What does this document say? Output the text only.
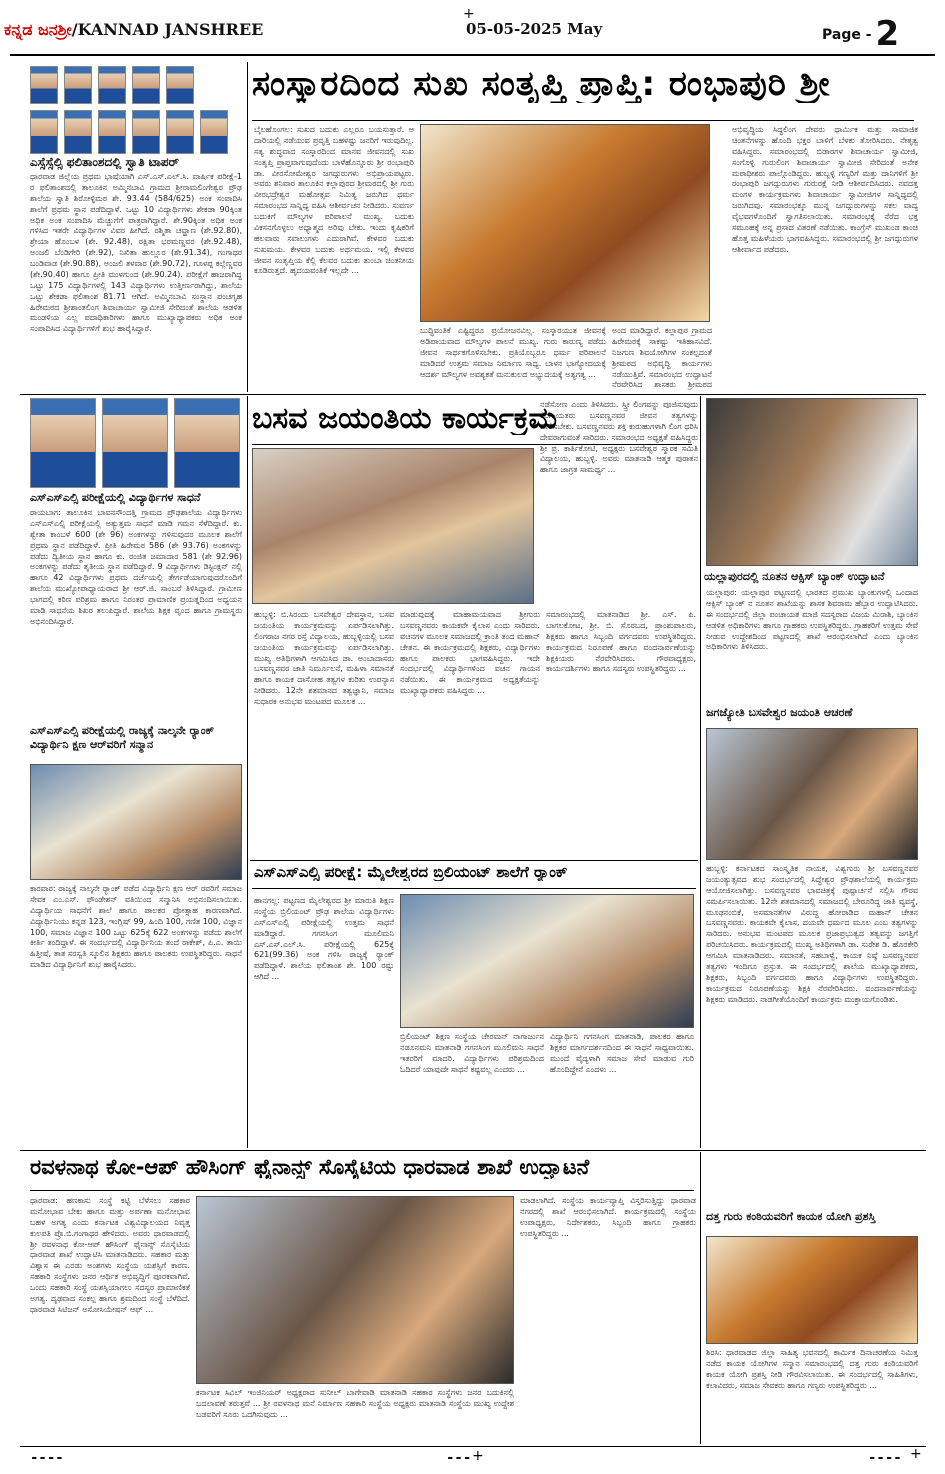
+
ಕನ್ನಡ ಜನಶ್ರೀ/KANNAD JANSHREE	05-05-2025 May	Page - 2
ಎಸ್ಸೆಸ್ಸೆಲ್ಸಿ ಫಲಿತಾಂಶದಲ್ಲಿ ಸ್ವಾತಿ ಟಾಪರ್
ಧಾರವಾಡ ಜಿಲ್ಲೆಯ ಪ್ರಥಮ ಭಾಷೆಯಾಗಿ ಎಸ್.ಎಸ್.ಎಲ್.ಸಿ. ವಾರ್ಷಿಕ ಪರೀಕ್ಷೆ-1 ರ ಫಲಿತಾಂಶದಲ್ಲಿ ತಾಲೂಕಿನ ಅಮ್ಮಿನಬಾವಿ ಗ್ರಾಮದ ಶ್ರೀರಾಮಲಿಂಗೇಶ್ವರ ಪ್ರೌಢ ಶಾಲೆಯ ಸ್ವಾತಿ ಶಿರೋಳ್ಳಿಮಠ ಶೇ. 93.44 (584/625) ಅಂಕ ಸಂಪಾದಿಸಿ ಶಾಲೆಗೆ ಪ್ರಥಮ ಸ್ಥಾನ ಪಡೆದಿದ್ದಾಳೆ. ಒಟ್ಟು 10 ವಿದ್ಯಾರ್ಥಿಗಳು ಶೇಕಡಾ 90ಕ್ಕಿಂತ ಅಧಿಕ ಅಂಕ ಸಂಪಾದಿಸಿ ಮೆಚ್ಚುಗೆಗೆ ಪಾತ್ರರಾಗಿದ್ದಾರೆ. ಶೇ.90ಕ್ಕಿಂತ ಅಧಿಕ ಅಂಕ ಗಳಿಸಿದ ಇತರೇ ವಿದ್ಯಾರ್ಥಿಗಳ ವಿವರ ಹೀಗಿದೆ. ರಶ್ಮಿತಾ ಚವ್ಹಾಣ (ಶೇ.92.80), ಶ್ರೇಯಾ ಹೊಂಬಳ (ಶೇ. 92.48), ರಕ್ಷಿತಾ ಭರಮಣ್ಣವರ (ಶೇ.92.48), ಅಂಜಲಿ ಬೆಂಡಿಗೇರಿ (ಶೇ.92), ನಿಖಿತಾ ಹುಲ್ಲೂರ (ಶೇ.91.34), ಗಂಗಾಧರ ಬಂಡಿವಾಡ (ಶೇ.90.88), ಅಂಜಲಿ ತಳವಾರ (ಶೇ.90.72), ಗೂಳಪ್ಪ ಕಲ್ಲೆಣ್ಣವರ (ಶೇ.90.40) ಹಾಗೂ ಪ್ರೀತಿ ಮುಳಗುಂದ (ಶೇ.90.24). ಪರೀಕ್ಷೆಗೆ ಹಾಜರಾಗಿದ್ದ ಒಟ್ಟು 175 ವಿದ್ಯಾರ್ಥಿಗಳಲ್ಲಿ 143 ವಿದ್ಯಾರ್ಥಿಗಳು ಉತ್ತೀರ್ಣರಾಗಿದ್ದು, ಶಾಲೆಯ ಒಟ್ಟು ಶೇಕಡಾ ಫಲಿತಾಂಶ 81.71 ಆಗಿದೆ. ಅಮ್ಮಿನಬಾವಿ ಸಂಸ್ಥಾನ ಪಂಚಗೃಹ ಹಿರೇಮಠದ ಶ್ರೀಶಾಂತಲಿಂಗ ಶಿವಾಚಾರ್ಯ ಸ್ವಾಮೀಜಿ ಸೇರಿದಂತೆ ಶಾಲೆಯ ಆಡಳಿತ ಮಂಡಳಿಯ ಎಲ್ಲ ಪದಾಧಿಕಾರಿಗಳು ಹಾಗೂ ಮುಖ್ಯಾಧ್ಯಾಪಕರು ಅಧಿಕ ಅಂಕ ಸಂಪಾದಿಸಿದ ವಿದ್ಯಾರ್ಥಿಗಳಿಗೆ ಶುಭ ಹಾರೈಸಿದ್ದಾರೆ.
ಸಂಸ್ಕಾರದಿಂದ ಸುಖ ಸಂತೃಪ್ತಿ ಪ್ರಾಪ್ತಿ: ರಂಭಾಪುರಿ ಶ್ರೀ
ಬೈಲಹೊಂಗಲ: ಸುಖದ ಬದುಕು ಎಲ್ಲರೂ ಬಯಸುತ್ತಾರೆ. ಆ ದಾರಿಯಲ್ಲಿ ನಡೆಯುವ ಪ್ರವೃತ್ತಿ ಬಹಳಷ್ಟು ಜನರಿಗೆ ಇರುವುದಿಲ್ಲ. ಸತ್ಯ ಶುದ್ಧವಾದ ಸಂಸ್ಕಾರದಿಂದ ಮಾನವ ಜೀವನದಲ್ಲಿ ಸುಖ ಸಂತೃಪ್ತಿ ಪ್ರಾಪ್ತವಾಗುವುದೆಂದು ಬಾಳೆಹೊನ್ನೂರು ಶ್ರೀ ರಂಭಾಪುರಿ ಡಾ. ವೀರಸೋಮೇಶ್ವರ ಜಗದ್ಗುರುಗಳು ಅಭಿಪ್ರಾಯಪಟ್ಟರು. ಅವರು ಶನಿವಾರ ತಾಲೂಕಿನ ಕಲ್ಲಾಪುರದ ಶ್ರೀಮಠದಲ್ಲಿ ಶ್ರೀ ಗುರು ವೀರಭದ್ರೇಶ್ವರ ಮಹೋತ್ಸವ ನಿಮಿತ್ಯ ಜರುಗಿದ ಧರ್ಮ ಸಮಾರಂಭದ ಸಾನ್ನಿಧ್ಯ ವಹಿಸಿ ಆಶೀರ್ವಚನ ನೀಡಿದರು. ಸುವರ್ಣ ಬದುಕಿಗೆ ಮೌಲ್ಯಗಳ ಪರಿಪಾಲನೆ ಮುಖ್ಯ. ಬದುಕು ವಿಕಸನಗೊಳ್ಳಲು ಅಧ್ಯಾತ್ಮದ ಅರಿವು ಬೇಕು. ಇಂದು ಕೃಷಿಕರಿಗೆ ಹಲವಾರು ಸವಾಲುಗಳು ಎದುರಾಗಿವೆ. ಕೇಳವರ ಬದುಕು ಸುಖಮಯ. ಕೇಳವರ ಬದುಕು ಅರ್ಥಮಯ. ಇಲ್ಲಿ ಕೇಳವರ ಜೀವನ ಸಂತೃಪ್ತಿಯ ಕೆಲ್ಲಿ ಕೆಲವರ ಬದುಕು ತುಂಬಾ ಚಿಂತನೀಯ ಕೂಡಿರುತ್ತದೆ. ಹೃದಯವಂತಿಕೆ ಇಲ್ಲದೇ ...
ಬುದ್ಧಿವಂತಿಕೆ ಎಷ್ಟಿದ್ದರೂ ಪ್ರಯೋಜನವಿಲ್ಲ. ಸಂಸ್ಕಾರಯುತ ಜೀವನಕ್ಕೆ ಅಡಿಪಾಯವಾದ ಮೌಲ್ಯಗಳ ಪಾಲನೆ ಮುಖ್ಯ. ಗುರು ಕಾರುಣ್ಯ ಪಡೆದು ಜೀವನ ಸಾರ್ಥಕಗೊಳಿಸಬೇಕು. ಪ್ರತಿಯೊಬ್ಬರೂ ಧರ್ಮ ಪರಿಪಾಲನೆ ಮಾಡಿದರೆ ಉತ್ತಮ ಸಮಾಜ ನಿರ್ಮಾಣ ಸಾಧ್ಯ. ಬಾಳನ ಭಾಗ್ಯೋದಯಕ್ಕೆ ಆದರ್ಶ ಮೌಲ್ಯಗಳ ಅವಶ್ಯಕತೆ ಮನುಕುಲದ ಅಭ್ಯುದಯಕ್ಕೆ ಅತ್ಯಗತ್ಯ ...
ಅಂದ ಮಾಡಿದ್ದಾರೆ. ಕಲ್ಲಾಪುರ ಗ್ರಾಮದ ಹಿರೇಮಠಕ್ಕೆ ಸಾಕಷ್ಟು ಇತಿಹಾಸವಿದೆ. ನಿಜಗುಣ ಶಿವಯೋಗಿಗಳ ಸಂಕಲ್ಪದಂತೆ ಶ್ರೀಮಠದ ಅಭಿವೃದ್ಧಿ ಕಾರ್ಯಗಳು ನಡೆಯುತ್ತಿವೆ. ಸಮಾರಂಭದ ಉದ್ಘಾಟನೆ ನೆರವೇರಿಸಿದ ಶಾಸಕರು ಶ್ರೀಮಠದ
ಅಭಿವೃದ್ಧಿಯ ಸಿದ್ಧಲಿಂಗ ದೇವರು ಧಾರ್ಮಿಕ ಮತ್ತು ಸಾಮಾಜಿಕ ಚಿಂತನೆಗಳನ್ನು ಹೊಂದಿ ಭಕ್ತರ ಬಾಳಿಗೆ ಬೆಳಕು ತೋರಿಸಿದರು. ನೇತೃತ್ವ ವಹಿಸಿದ್ದರು. ಸಮಾರಂಭದಲ್ಲಿ ಬಿಡಾರಗಳ ಶಿವಾಚಾರ್ಯ ಸ್ವಾಮೀಜಿ, ಸಂಗೊಳ್ಳಿ ಗುರುಲಿಂಗ ಶಿವಾಚಾರ್ಯ ಸ್ವಾಮೀಜಿ ಸೇರಿದಂತೆ ಅನೇಕ ಮಠಾಧೀಶರು ಪಾಲ್ಗೊಂಡಿದ್ದರು. ಹುಬ್ಬಳ್ಳಿ ಗಣ್ಯರಿಗೆ ಮತ್ತು ದಾನಿಗಳಿಗೆ ಶ್ರೀ ರಂಭಾಪುರಿ ಜಗದ್ಗುರುಗಳು ಗುರುರಕ್ಷೆ ನೀಡಿ ಆಶೀರ್ವದಿಸಿದರು. ನವದತ್ತ ಮಂಗಳ ಕಾರ್ಯಕ್ರಮಗಳು ಶಿವಾಚಾರ್ಯ ಸ್ವಾಮೀಜಿಗಳ ಸಾನ್ನಿಧ್ಯದಲ್ಲಿ ಜರುಗಿದವು. ಸಮಾರಂಭಕ್ಕೂ ಮುನ್ನ ಜಗದ್ಗುರುಗಳನ್ನು ಸಕಲ ವಾದ್ಯ ವೈಭವಗಳೊಂದಿಗೆ ಸ್ವಾಗತಿಸಲಾಯಿತು. ಸಮಾರಂಭಕ್ಕೆ ನೆರೆದ ಭಕ್ತ ಸಮೂಹಕ್ಕೆ ಅನ್ನ ಪ್ರಸಾದ ವಿತರಣೆ ನಡೆಯಿತು. ಕಾಂಗ್ರೆಸ್ ಮುಖಂಡ ಕಾಂಚಿ ಹೊತ್ತ ಮಹಿಳೆಯರು ಭಾಗವಹಿಸಿದ್ದರು. ಸಮಾರಂಭದಲ್ಲಿ ಶ್ರೀ ಜಗದ್ಗುರುಗಳ ಆಶೀರ್ವಾದ ಪಡೆದರು.
ಎಸ್ಎಸ್ಎಲ್ಸಿ ಪರೀಕ್ಷೆಯಲ್ಲಿ ವಿದ್ಯಾರ್ಥಿಗಳ ಸಾಧನೆ
ರಾಯಬಾಗ: ತಾಲೂಕಿನ ಬಾವನಸೌಂದತ್ತಿ ಗ್ರಾಮದ ಪ್ರೌಢಶಾಲೆಯ ವಿದ್ಯಾರ್ಥಿಗಳು ಎಸ್ಎಸ್ಎಲ್ಸಿ ಪರೀಕ್ಷೆಯಲ್ಲಿ ಅತ್ಯುತ್ತಮ ಸಾಧನೆ ಮಾಡಿ ಗಮನ ಸೆಳೆದಿದ್ದಾರೆ. ಕು. ಶ್ವೇತಾ ಕಾಂಬಳೆ 600 (ಶೇ 96) ಅಂಕಗಳನ್ನು ಗಳಿಸುವುದರ ಮೂಲಕ ಶಾಲೆಗೆ ಪ್ರಥಮ ಸ್ಥಾನ ಪಡೆದಿದ್ದಾಳೆ. ಪ್ರೀತಿ ಹಿರೇಮಠ 586 (ಶೇ 93.76) ಅಂಕಗಳನ್ನು ಪಡೆದು ದ್ವಿತೀಯ ಸ್ಥಾನ ಹಾಗೂ ಕು. ರಂಜಿತ ಜಮಾದಾರ 581 (ಶೇ 92.96) ಅಂಕಗಳನ್ನು ಪಡೆದು ತೃತೀಯ ಸ್ಥಾನ ಪಡೆದಿದ್ದಾರೆ. 9 ವಿದ್ಯಾರ್ಥಿಗಳು ಡಿಸ್ಟಿಂಕ್ಷನ್ ನಲ್ಲಿ ಹಾಗೂ 42 ವಿದ್ಯಾರ್ಥಿಗಳು ಪ್ರಥಮ ದರ್ಜೆಯಲ್ಲಿ ತೇರ್ಗಡೆಯಾಗುವುದರೊಂದಿಗೆ ಶಾಲೆಯ ಮುಖ್ಯೋಪಾಧ್ಯಾಯರಾದ ಶ್ರೀ ಆರ್.ಜಿ. ಸಾಂಬರೆ ತಿಳಿಸಿದ್ದಾರೆ. ಗ್ರಾಮೀಣ ಭಾಗದಲ್ಲಿ ಕಠಿಣ ಪರಿಶ್ರಮ ಹಾಗೂ ನಿರಂತರ ಪ್ರಾಮಾಣಿಕ ಪ್ರಯತ್ನದಿಂದ ಅಧ್ಯಯನ ಮಾಡಿ ಸಾಧನೆಯ ಶಿಖರ ತಲುಪಿದ್ದಾರೆ. ಶಾಲೆಯ ಶಿಕ್ಷಕ ವೃಂದ ಹಾಗೂ ಗ್ರಾಮಸ್ಥರು ಅಭಿನಂದಿಸಿದ್ದಾರೆ.
ಎಸ್ಎಸ್ಎಲ್ಸಿ ಪರೀಕ್ಷೆಯಲ್ಲಿ ರಾಜ್ಯಕ್ಕೆ ನಾಲ್ಕನೇ ರ್‍ಯಾಂಕ್ ವಿದ್ಯಾರ್ಥಿನಿ ಕ್ಷಣ ಆರ್‌ವರಿಗೆ ಸನ್ಮಾನ
ಕಾರವಾರ: ರಾಜ್ಯಕ್ಕೆ ನಾಲ್ಕನೇ ರ್‍ಯಾಂಕ್ ಪಡೆದ ವಿದ್ಯಾರ್ಥಿನಿ ಕ್ಷಣ ಆರ್ ರವರಿಗೆ ಸಮಾಜ ಸೇವಕ ಎಂ.ಎಸ್. ಫೌಂಡೇಶನ್ ವತಿಯಿಂದ ಸನ್ಮಾನಿಸಿ ಅಭಿನಂದಿಸಲಾಯಿತು. ವಿದ್ಯಾರ್ಥಿಯ ಸಾಧನೆಗೆ ಶಾಲೆ ಹಾಗೂ ಪಾಲಕರ ಪ್ರೋತ್ಸಾಹ ಕಾರಣವಾಗಿದೆ. ವಿದ್ಯಾರ್ಥಿನಿಯು ಕನ್ನಡ 123, ಇಂಗ್ಲಿಷ್ 99, ಹಿಂದಿ 100, ಗಣಿತ 100, ವಿಜ್ಞಾನ 100, ಸಮಾಜ ವಿಜ್ಞಾನ 100 ಒಟ್ಟು 625ಕ್ಕೆ 622 ಅಂಕಗಳನ್ನು ಪಡೆದು ಶಾಲೆಗೆ ಕೀರ್ತಿ ತಂದಿದ್ದಾಳೆ. ಈ ಸಂದರ್ಭದಲ್ಲಿ ವಿದ್ಯಾರ್ಥಿನಿಯ ತಂದೆ ರಾಕೇಶ್, ಪಿ.ಎ. ತಾಯಿ ಹಿತ್ತೀಷೆ, ತಾತ ಸರಸ್ವತಿ ಸ್ಕೂಲಿನ ಶಿಕ್ಷಕರು ಹಾಗೂ ಪಾಲಕರು ಉಪಸ್ಥಿತರಿದ್ದರು. ಸಾಧನೆ ಮಾಡಿದ ವಿದ್ಯಾರ್ಥಿನಿಗೆ ಶುಭ ಹಾರೈಸಿದರು.
ಬಸವ ಜಯಂತಿಯ ಕಾರ್ಯಕ್ರಮ
ನಡೆಸೋಣ ಎಂದು ತಿಳಿಸಿದರು. ಸ್ತ್ರೀ ಲಿಂಗವನ್ನು ಪೂಜಿಸುವುದು ಲಿಂಗಾಯತರು ಬಸವಣ್ಣನವರ ಜೀವನ ತತ್ವಗಳನ್ನು ಪಾಲಿಸಬೇಕು. ಬಸವಣ್ಣನವರು ಶಕ್ತಿ ಕುರುಹುಗಳಾಗಿ ಲಿಂಗ ಧರಿಸಿ ದೇವರಾಗುವಂತೆ ಸಾರಿದರು. ಸಮಾರಂಭದ ಅಧ್ಯಕ್ಷತೆ ವಹಿಸಿದ್ದರು ಶ್ರೀ ಪ್ರ. ಕಾರ್ತಿಕೋಟಿ, ಅಧ್ಯಕ್ಷರು ಬಸವೇಶ್ವರ ಸ್ಮಾರಕ ಸಮಿತಿ ವಿದ್ಯಾಲಯ, ಹುಬ್ಬಳ್ಳಿ. ಅವರು ಮಾತನಾಡಿ ಆತ್ಮಕ ಪುರಾತನ ಹಾಗೂ ಜಾಗ್ರತ ಸಾಮರ್ಥ್ಯ ...
ಹುಬ್ಬಳ್ಳಿ: ಬಿ.ಸಿರಂದು ಬಸವೇಶ್ವರ ದೇವಸ್ಥಾನ, ಬಸವ ಜಯಂತಿಯ ಕಾರ್ಯಕ್ರಮವನ್ನು ಏರ್ಪಡಿಸಲಾಗಿತ್ತು. ಲಿಂಗರಾಜ ನಗರ ರಸ್ತೆ ವಿದ್ಯಾಲಯ, ಹುಬ್ಬಳ್ಳಿಯಲ್ಲಿ ಬಸವ ಜಯಂತಿಯ ಕಾರ್ಯಕ್ರಮವನ್ನು ಏರ್ಪಡಿಸಲಾಗಿತ್ತು. ಮುಖ್ಯ ಅತಿಥಿಗಳಾಗಿ ಆಗಮಿಸಿದ ಡಾ. ಅಂಬಾದಾಸರು ಬಸವಣ್ಣನವರ ಜಾತಿ ನಿರ್ಮೂಲನೆ, ಮಹಿಳಾ ಸಮಾನತೆ ಹಾಗೂ ಕಾಯಕ ದಾಸೋಹ ತತ್ವಗಳ ಕುರಿತು ಉಪನ್ಯಾಸ ನೀಡಿದರು. 12ನೇ ಶತಮಾನದ ತತ್ವಜ್ಞಾನಿ, ಸಮಾಜ ಸುಧಾರಕ ಅನುಭವ ಮಂಟಪದ ಮೂಲಕ ...
ಮಾಡುವುದಕ್ಕೆ ಮಾಹಾಮಯವಾದ ಶ್ರೀಗುರು ಬಸವಣ್ಣನವರು ಕಾಯಕವೇ ಕೈಲಾಸ ಎಂದು ಸಾರಿದರು. ವಚನಗಳ ಮೂಲಕ ಸಮಾಜದಲ್ಲಿ ಕ್ರಾಂತಿ ತಂದ ಮಹಾನ್ ಚೇತನ. ಈ ಕಾರ್ಯಕ್ರಮದಲ್ಲಿ ಶಿಕ್ಷಕರು, ವಿದ್ಯಾರ್ಥಿಗಳು ಹಾಗೂ ಪಾಲಕರು ಭಾಗವಹಿಸಿದ್ದರು. ಇದೇ ಸಂದರ್ಭದಲ್ಲಿ ವಿದ್ಯಾರ್ಥಿಗಳಿಂದ ವಚನ ಗಾಯನ ನಡೆಯಿತು. ಈ ಕಾರ್ಯಕ್ರಮದ ಅಧ್ಯಕ್ಷತೆಯನ್ನು ಮುಖ್ಯಾಧ್ಯಾಪಕರು ವಹಿಸಿದ್ದರು ...
ಸಮಾರಂಭದಲ್ಲಿ ಮಾತನಾಡಿದ ಶ್ರೀ. ಎಸ್. ಪಿ. ಬಾಗಲಕೋಟ, ಶ್ರೀ. ಬಿ. ಸೊರಬದ, ಪ್ರಾಂಶುಪಾಲರು, ಶಿಕ್ಷಕರು ಹಾಗೂ ಸಿಬ್ಬಂದಿ ವರ್ಗದವರು ಉಪಸ್ಥಿತರಿದ್ದರು. ಕಾರ್ಯಕ್ರಮದ ನಿರೂಪಣೆ ಹಾಗೂ ವಂದನಾರ್ಪಣೆಯನ್ನು ಶಿಕ್ಷಕಿಯರು ನೆರವೇರಿಸಿದರು. ಗೌರವಾಧ್ಯಕ್ಷರು, ಕಾರ್ಯದರ್ಶಿಗಳು ಹಾಗೂ ಸದಸ್ಯರು ಉಪಸ್ಥಿತರಿದ್ದರು ...
ಯಲ್ಲಾಪುರದಲ್ಲಿ ನೂತನ ಆಕ್ಸಿಸ್ ಬ್ಯಾಂಕ್ ಉದ್ಘಾಟನೆ
ಯಲ್ಲಾಪುರ: ಯಲ್ಲಾಪುರ ಪಟ್ಟಣದಲ್ಲಿ ಭಾರತದ ಪ್ರಮುಖ ಬ್ಯಾಂಕುಗಳಲ್ಲಿ ಒಂದಾದ ಆಕ್ಸಿಸ್ ಬ್ಯಾಂಕ್ ನ ನೂತನ ಶಾಖೆಯನ್ನು ಶಾಸಕ ಶಿವರಾಮ ಹೆಬ್ಬಾರ ಉದ್ಘಾಟಿಸಿದರು. ಈ ಸಂದರ್ಭದಲ್ಲಿ ಜಿಲ್ಲಾ ಪಂಚಾಯತ ಮಾಜಿ ಸದಸ್ಯರಾದ ವಿಜಯ ಮಿರಾಶಿ, ಬ್ಯಾಂಕಿನ ಆಡಳಿತ ಅಧಿಕಾರಿಗಳು ಹಾಗೂ ಗ್ರಾಹಕರು ಉಪಸ್ಥಿತರಿದ್ದರು. ಗ್ರಾಹಕರಿಗೆ ಉತ್ತಮ ಸೇವೆ ನೀಡುವ ಉದ್ದೇಶದಿಂದ ಪಟ್ಟಣದಲ್ಲಿ ಶಾಖೆ ಆರಂಭಿಸಲಾಗಿದೆ ಎಂದು ಬ್ಯಾಂಕಿನ ಅಧಿಕಾರಿಗಳು ತಿಳಿಸಿದರು.
ಜಗಜ್ಯೋತಿ ಬಸವೇಶ್ವರ ಜಯಂತಿ ಆಚರಣೆ
ಹುಬ್ಬಳ್ಳಿ: ಕರ್ನಾಟಕದ ಸಾಂಸ್ಕೃತಿಕ ನಾಯಕ, ವಿಶ್ವಗುರು ಶ್ರೀ ಬಸವಣ್ಣನವರ ಜಯಂತ್ಯುತ್ಸವದ ಶುಭ ಸಂದರ್ಭದಲ್ಲಿ ಸಿದ್ಧೇಶ್ವರ ಪ್ರೌಢಶಾಲೆಯಲ್ಲಿ ಕಾರ್ಯಕ್ರಮ ಆಯೋಜಿಸಲಾಗಿತ್ತು. ಬಸವಣ್ಣನವರ ಭಾವಚಿತ್ರಕ್ಕೆ ಪುಷ್ಪಾರ್ಚನೆ ಸಲ್ಲಿಸಿ ಗೌರವ ಸಮರ್ಪಿಸಲಾಯಿತು. 12ನೇ ಶತಮಾನದಲ್ಲಿ ಸಮಾಜದಲ್ಲಿ ಬೇರೂರಿದ್ದ ಜಾತಿ ವ್ಯವಸ್ಥೆ, ಮೂಢನಂಬಿಕೆ, ಅಸಮಾನತೆಗಳ ವಿರುದ್ಧ ಹೋರಾಡಿದ ಮಹಾನ್ ಚೇತನ ಬಸವಣ್ಣನವರು. ಕಾಯಕವೇ ಕೈಲಾಸ, ದಯವೇ ಧರ್ಮದ ಮೂಲ ಎಂಬ ತತ್ವಗಳನ್ನು ಸಾರಿದರು. ಅನುಭವ ಮಂಟಪದ ಮೂಲಕ ಪ್ರಜಾಪ್ರಭುತ್ವದ ತತ್ವವನ್ನು ಜಗತ್ತಿಗೆ ಪರಿಚಯಿಸಿದರು. ಕಾರ್ಯಕ್ರಮದಲ್ಲಿ ಮುಖ್ಯ ಅತಿಥಿಗಳಾಗಿ ಡಾ. ಸುರೇಶ ಡಿ. ಹೊರಕೇರಿ ಆಗಮಿಸಿ ಮಾತನಾಡಿದರು. ಸಮಾನತೆ, ಸಹಬಾಳ್ವೆ, ಕಾಯಕ ನಿಷ್ಠೆ ಬಸವಣ್ಣನವರ ತತ್ವಗಳು ಇಂದಿಗೂ ಪ್ರಸ್ತುತ. ಈ ಸಂದರ್ಭದಲ್ಲಿ ಶಾಲೆಯ ಮುಖ್ಯಾಧ್ಯಾಪಕರು, ಶಿಕ್ಷಕರು, ಸಿಬ್ಬಂದಿ ವರ್ಗದವರು ಹಾಗೂ ವಿದ್ಯಾರ್ಥಿಗಳು ಉಪಸ್ಥಿತರಿದ್ದರು. ಕಾರ್ಯಕ್ರಮದ ನಿರೂಪಣೆಯನ್ನು ಶಿಕ್ಷಕಿ ನೆರವೇರಿಸಿದರು. ವಂದನಾರ್ಪಣೆಯನ್ನು ಶಿಕ್ಷಕರು ಮಾಡಿದರು. ನಾಡಗೀತೆಯೊಂದಿಗೆ ಕಾರ್ಯಕ್ರಮ ಮುಕ್ತಾಯಗೊಂಡಿತು.
ಎಸ್ಎಸ್ಎಲ್ಸಿ ಪರೀಕ್ಷೆ: ಮೈಲೇಶ್ವರದ ಬ್ರಿಲಿಯಂಟ್ ಶಾಲೆಗೆ ರ್‍ಯಾಂಕ್
ಹಾನಗಲ್ಲ: ಪಟ್ಟಣದ ಮೈಲೇಶ್ವರದ ಶ್ರೀ ಮಾರುತಿ ಶಿಕ್ಷಣ ಸಂಸ್ಥೆಯ ಬ್ರಿಲಿಯಂಟ್ ಪ್ರೌಢ ಶಾಲೆಯ ವಿದ್ಯಾರ್ಥಿಗಳು ಎಸ್ಎಸ್ಎಲ್ಸಿ ಪರೀಕ್ಷೆಯಲ್ಲಿ ಉತ್ತಮ ಸಾಧನೆ ಮಾಡಿದ್ದಾರೆ. ಗಗನಸಿಂಗ ಮೂಲಿಮನಿ ಎಸ್.ಎಸ್.ಎಲ್.ಸಿ. ಪರೀಕ್ಷೆಯಲ್ಲಿ 625ಕ್ಕೆ 621(99.36) ಅಂಕ ಗಳಿಸಿ ರಾಜ್ಯಕ್ಕೆ ರ್‍ಯಾಂಕ್ ಪಡೆದಿದ್ದಾಳೆ. ಶಾಲೆಯ ಫಲಿತಾಂಶ ಶೇ. 100 ರಷ್ಟು ಆಗಿದೆ ...
ಬ್ರಿಲಿಯಂಟ್ ಶಿಕ್ಷಣ ಸಂಸ್ಥೆಯ ಚೇರಮನ್ ನಾಗಾರ್ಜುನ ನಡೂನಮನಿ ಮಾತನಾಡಿ ಗಗನಸಿಂಗ ಮೂಲಿಮನಿ ಸಾಧನೆ ಇತರರಿಗೆ ಮಾದರಿ. ವಿದ್ಯಾರ್ಥಿಗಳು ಪರಿಶ್ರಮದಿಂದ ಓದಿದರೆ ಯಾವುದೇ ಸಾಧನೆ ಕಷ್ಟವಲ್ಲ ಎಂದರು ...
ವಿದ್ಯಾರ್ಥಿನಿ ಗಗನಸಿಂಗ ಮಾತನಾಡಿ, ಪಾಲಕರ ಹಾಗೂ ಶಿಕ್ಷಕರ ಮಾರ್ಗದರ್ಶನದಿಂದ ಈ ಸಾಧನೆ ಸಾಧ್ಯವಾಯಿತು. ಮುಂದೆ ವೈದ್ಯಳಾಗಿ ಸಮಾಜ ಸೇವೆ ಮಾಡುವ ಗುರಿ ಹೊಂದಿದ್ದೇನೆ ಎಂದಳು ...
ರವಳನಾಥ ಕೋ-ಆಪ್ ಹೌಸಿಂಗ್ ಫೈನಾನ್ಸ್ ಸೊಸೈಟಿಯ ಧಾರವಾಡ ಶಾಖೆ ಉದ್ಘಾಟನೆ
ಧಾರವಾಡ: ಹಣಕಾಸು ಸಂಸ್ಥೆ ಕಟ್ಟಿ ಬೆಳೆಸಲು ಸಹಕಾರ ಮನೋಭಾವ ಬೇಕು ಹಾಗೂ ಮತ್ತು ಅರ್ಪಣಾ ಮನೋಭಾವ ಬಹಳ ಅಗತ್ಯ ಎಂದು ಕರ್ನಾಟಕ ವಿಶ್ವವಿದ್ಯಾಲಯದ ನಿವೃತ್ತ ಕುಲಪತಿ ಪ್ರೊ.ಬಿ.ಗಂಗಾಧರ ಹೇಳಿದರು. ಅವರು ಧಾರವಾಡದಲ್ಲಿ ಶ್ರೀ ರವಳನಾಥ ಕೋ-ಆಪ್ ಹೌಸಿಂಗ್ ಫೈನಾನ್ಸ್ ಸೊಸೈಟಿಯ ಧಾರವಾಡ ಶಾಖೆ ಉದ್ಘಾಟಿಸಿ ಮಾತನಾಡಿದರು. ಸಹಕಾರ ಮತ್ತು ವಿಶ್ವಾಸ ಈ ಎರಡು ಅಂಶಗಳು ಸಂಸ್ಥೆಯ ಯಶಸ್ಸಿಗೆ ಕಾರಣ. ಸಹಕಾರಿ ಸಂಸ್ಥೆಗಳು ಜನರ ಆರ್ಥಿಕ ಅಭಿವೃದ್ಧಿಗೆ ಪೂರಕವಾಗಿವೆ. ಒಂದು ಸಹಕಾರಿ ಸಂಸ್ಥೆ ಯಶಸ್ಸಿಯಾಗಲು ಸದಸ್ಯರ ಪ್ರಾಮಾಣಿಕತೆ ಅಗತ್ಯ. ದೃಢವಾದ ಸಂಕಲ್ಪ ಹಾಗೂ ಶ್ರಮದಿಂದ ಸಂಸ್ಥೆ ಬೆಳೆದಿದೆ. ಧಾರವಾಡ ಸಿಟಿಜನ್ ಅಸೋಸಿಯೇಷನ್ ಆಫ್ ...
ಕರ್ನಾಟಕ ಸಿವಿಲ್ ಇಂಜಿನಿಯರ್ ಅಧ್ಯಕ್ಷರಾದ ಸುನೀಲ್ ಬಾಗೇವಾಡಿ ಮಾತನಾಡಿ ಸಹಕಾರ ಸಂಸ್ಥೆಗಳು ಜನರ ಬದುಕಿನಲ್ಲಿ ಬದಲಾವಣೆ ತರುತ್ತವೆ ... ಶ್ರೀ ರವಳನಾಥ ಮನೆ ನಿರ್ಮಾಣ ಸಹಕಾರಿ ಸಂಸ್ಥೆಯ ಅಧ್ಯಕ್ಷರು ಮಾತನಾಡಿ ಸಂಸ್ಥೆಯ ಮುಖ್ಯ ಉದ್ದೇಶ ಬಡವರಿಗೆ ಸೂರು ಒದಗಿಸುವುದು ...
ಮಾಡಲಾಗಿದೆ. ಸಂಸ್ಥೆಯ ಕಾರ್ಯವ್ಯಾಪ್ತಿ ವಿಸ್ತರಿಸುತ್ತಿದ್ದು ಧಾರವಾಡ ನಗರದಲ್ಲಿ ಶಾಖೆ ಆರಂಭಿಸಲಾಗಿದೆ. ಕಾರ್ಯಕ್ರಮದಲ್ಲಿ ಸಂಸ್ಥೆಯ ಉಪಾಧ್ಯಕ್ಷರು, ನಿರ್ದೇಶಕರು, ಸಿಬ್ಬಂದಿ ಹಾಗೂ ಗ್ರಾಹಕರು ಉಪಸ್ಥಿತರಿದ್ದರು ...
ದತ್ತ ಗುರು ಕಂಠಿಯವರಿಗೆ ಕಾಯಕ ಯೋಗಿ ಪ್ರಶಸ್ತಿ
ಶಿರಸಿ: ಧಾರವಾಡದ ಜಿಲ್ಲಾ ಸಾಹಿತ್ಯ ಭವನದಲ್ಲಿ ಕಾರ್ಮಿಕ ದಿನಾಚರಣೆಯ ನಿಮಿತ್ತ ನಡೆದ ಕಾಯಕ ಯೋಗಿಗಳ ಸನ್ಮಾನ ಸಮಾರಂಭದಲ್ಲಿ ದತ್ತ ಗುರು ಕಂಠಿಯವರಿಗೆ ಕಾಯಕ ಯೋಗಿ ಪ್ರಶಸ್ತಿ ನೀಡಿ ಗೌರವಿಸಲಾಯಿತು. ಈ ಸಂದರ್ಭದಲ್ಲಿ ಸಾಹಿತಿಗಳು, ಕಲಾವಿದರು, ಸಮಾಜ ಸೇವಕರು ಹಾಗೂ ಗಣ್ಯರು ಉಪಸ್ಥಿತರಿದ್ದರು ...
----	--- +	---- +
